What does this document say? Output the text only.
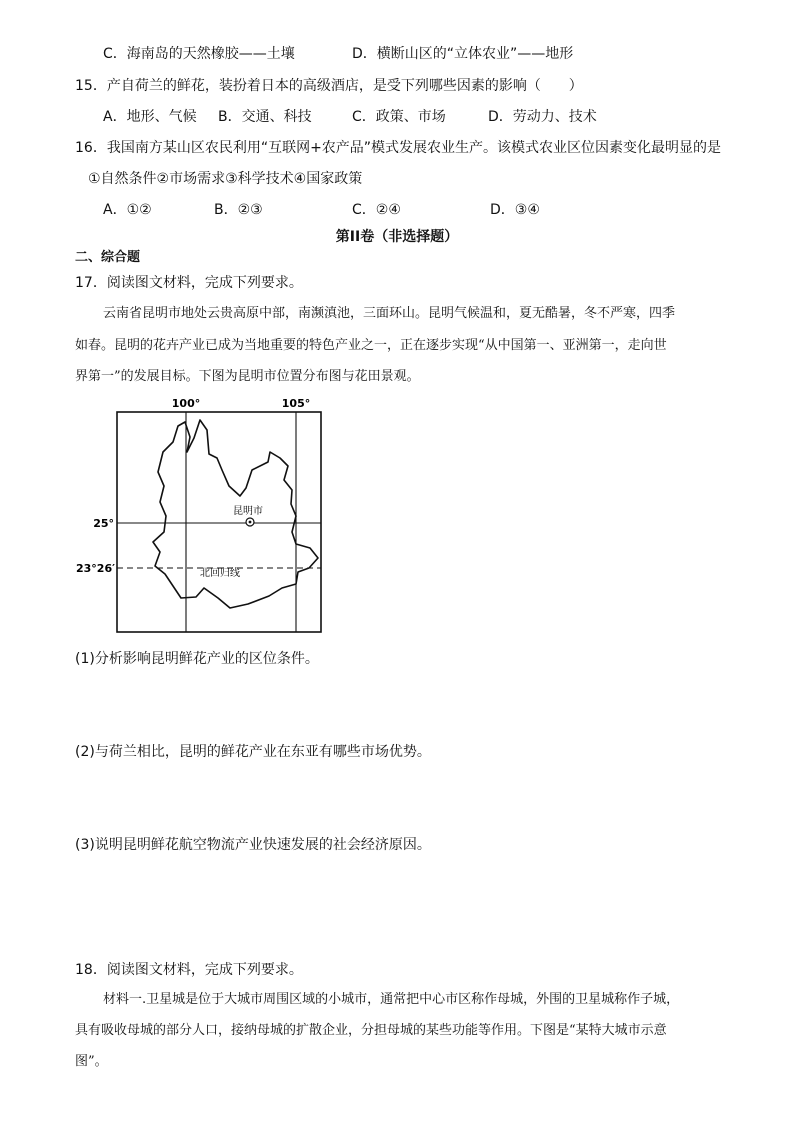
C．海南岛的天然橡胶——土壤	D．横断山区的“立体农业”——地形
15．产自荷兰的鲜花，装扮着日本的高级酒店，是受下列哪些因素的影响（　　）
A．地形、气候 B．交通、科技	C．政策、市场	D．劳动力、技术
16．我国南方某山区农民利用“互联网+农产品”模式发展农业生产。该模式农业区位因素变化最明显的是
①自然条件②市场需求③科学技术④国家政策
A．①②	B．②③	C．②④	D．③④
第II卷（非选择题）
二、综合题
17．阅读图文材料，完成下列要求。
云南省昆明市地处云贵高原中部，南濒滇池，三面环山。昆明气候温和，夏无酷暑，冬不严寒，四季
如春。昆明的花卉产业已成为当地重要的特色产业之一，正在逐步实现“从中国第一、亚洲第一，走向世
界第一”的发展目标。下图为昆明市位置分布图与花田景观。
100°	105°
25°
23°26′
昆明市
北回归线
(1)分析影响昆明鲜花产业的区位条件。
(2)与荷兰相比，昆明的鲜花产业在东亚有哪些市场优势。
(3)说明昆明鲜花航空物流产业快速发展的社会经济原因。
18．阅读图文材料，完成下列要求。
材料一.卫星城是位于大城市周围区域的小城市，通常把中心市区称作母城，外围的卫星城称作子城，
具有吸收母城的部分人口，接纳母城的扩散企业，分担母城的某些功能等作用。下图是“某特大城市示意
图”。
